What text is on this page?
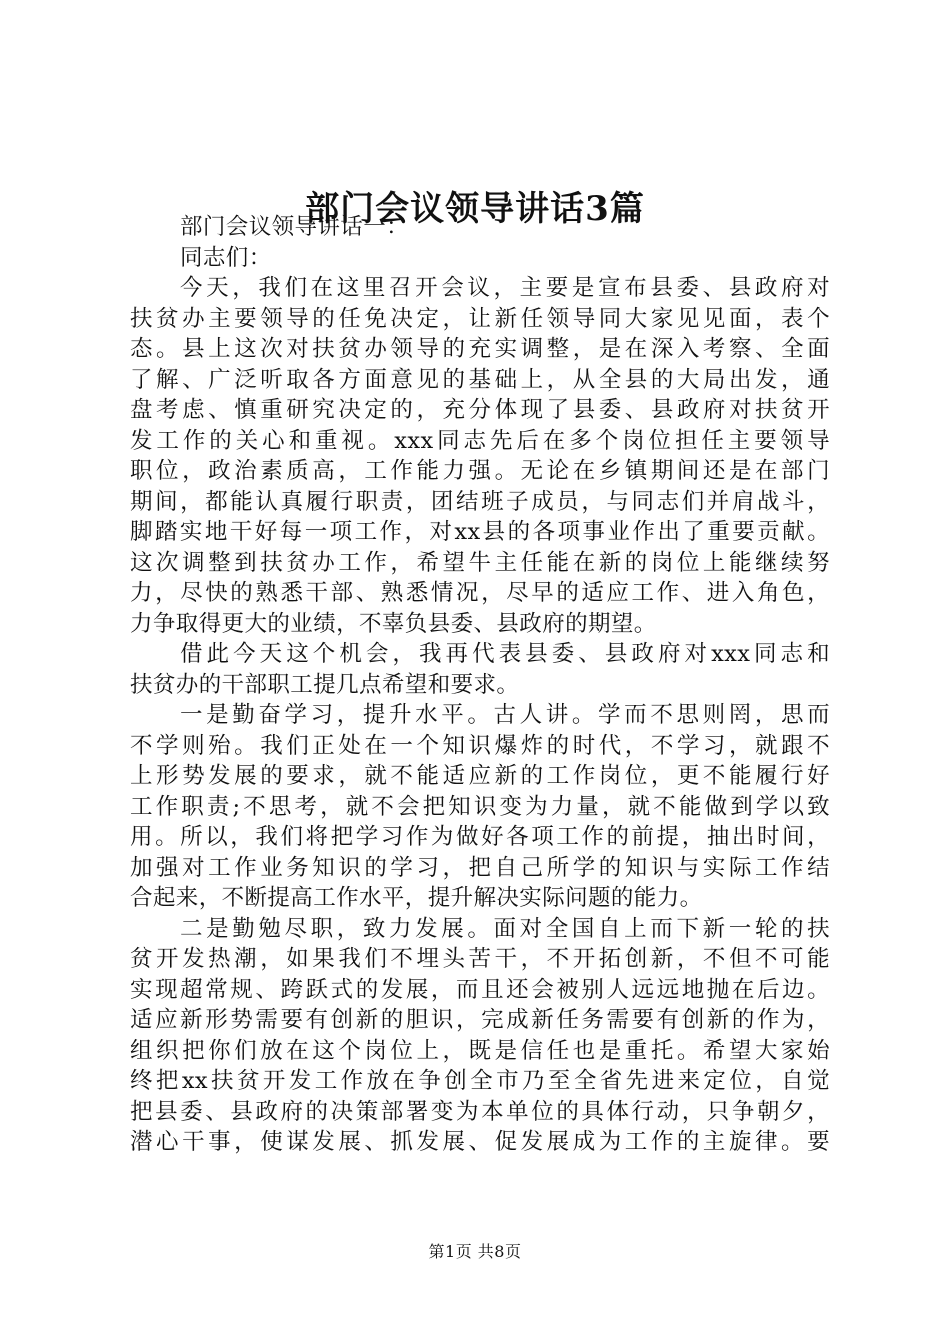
部门会议领导讲话3篇
部门会议领导讲话一：
同志们：
今天，我们在这里召开会议，主要是宣布县委、县政府对
扶贫办主要领导的任免决定，让新任领导同大家见见面，表个
态。县上这次对扶贫办领导的充实调整，是在深入考察、全面
了解、广泛听取各方面意见的基础上，从全县的大局出发，通
盘考虑、慎重研究决定的，充分体现了县委、县政府对扶贫开
发工作的关心和重视。xxx同志先后在多个岗位担任主要领导
职位，政治素质高，工作能力强。无论在乡镇期间还是在部门
期间，都能认真履行职责，团结班子成员，与同志们并肩战斗，
脚踏实地干好每一项工作，对xx县的各项事业作出了重要贡献。
这次调整到扶贫办工作，希望牛主任能在新的岗位上能继续努
力，尽快的熟悉干部、熟悉情况，尽早的适应工作、进入角色，
力争取得更大的业绩，不辜负县委、县政府的期望。
借此今天这个机会，我再代表县委、县政府对xxx同志和
扶贫办的干部职工提几点希望和要求。
一是勤奋学习，提升水平。古人讲。学而不思则罔，思而
不学则殆。我们正处在一个知识爆炸的时代，不学习，就跟不
上形势发展的要求，就不能适应新的工作岗位，更不能履行好
工作职责;不思考，就不会把知识变为力量，就不能做到学以致
用。所以，我们将把学习作为做好各项工作的前提，抽出时间，
加强对工作业务知识的学习，把自己所学的知识与实际工作结
合起来，不断提高工作水平，提升解决实际问题的能力。
二是勤勉尽职，致力发展。面对全国自上而下新一轮的扶
贫开发热潮，如果我们不埋头苦干，不开拓创新，不但不可能
实现超常规、跨跃式的发展，而且还会被别人远远地抛在后边。
适应新形势需要有创新的胆识，完成新任务需要有创新的作为，
组织把你们放在这个岗位上，既是信任也是重托。希望大家始
终把xx扶贫开发工作放在争创全市乃至全省先进来定位，自觉
把县委、县政府的决策部署变为本单位的具体行动，只争朝夕，
潜心干事，使谋发展、抓发展、促发展成为工作的主旋律。要
第1页 共8页
